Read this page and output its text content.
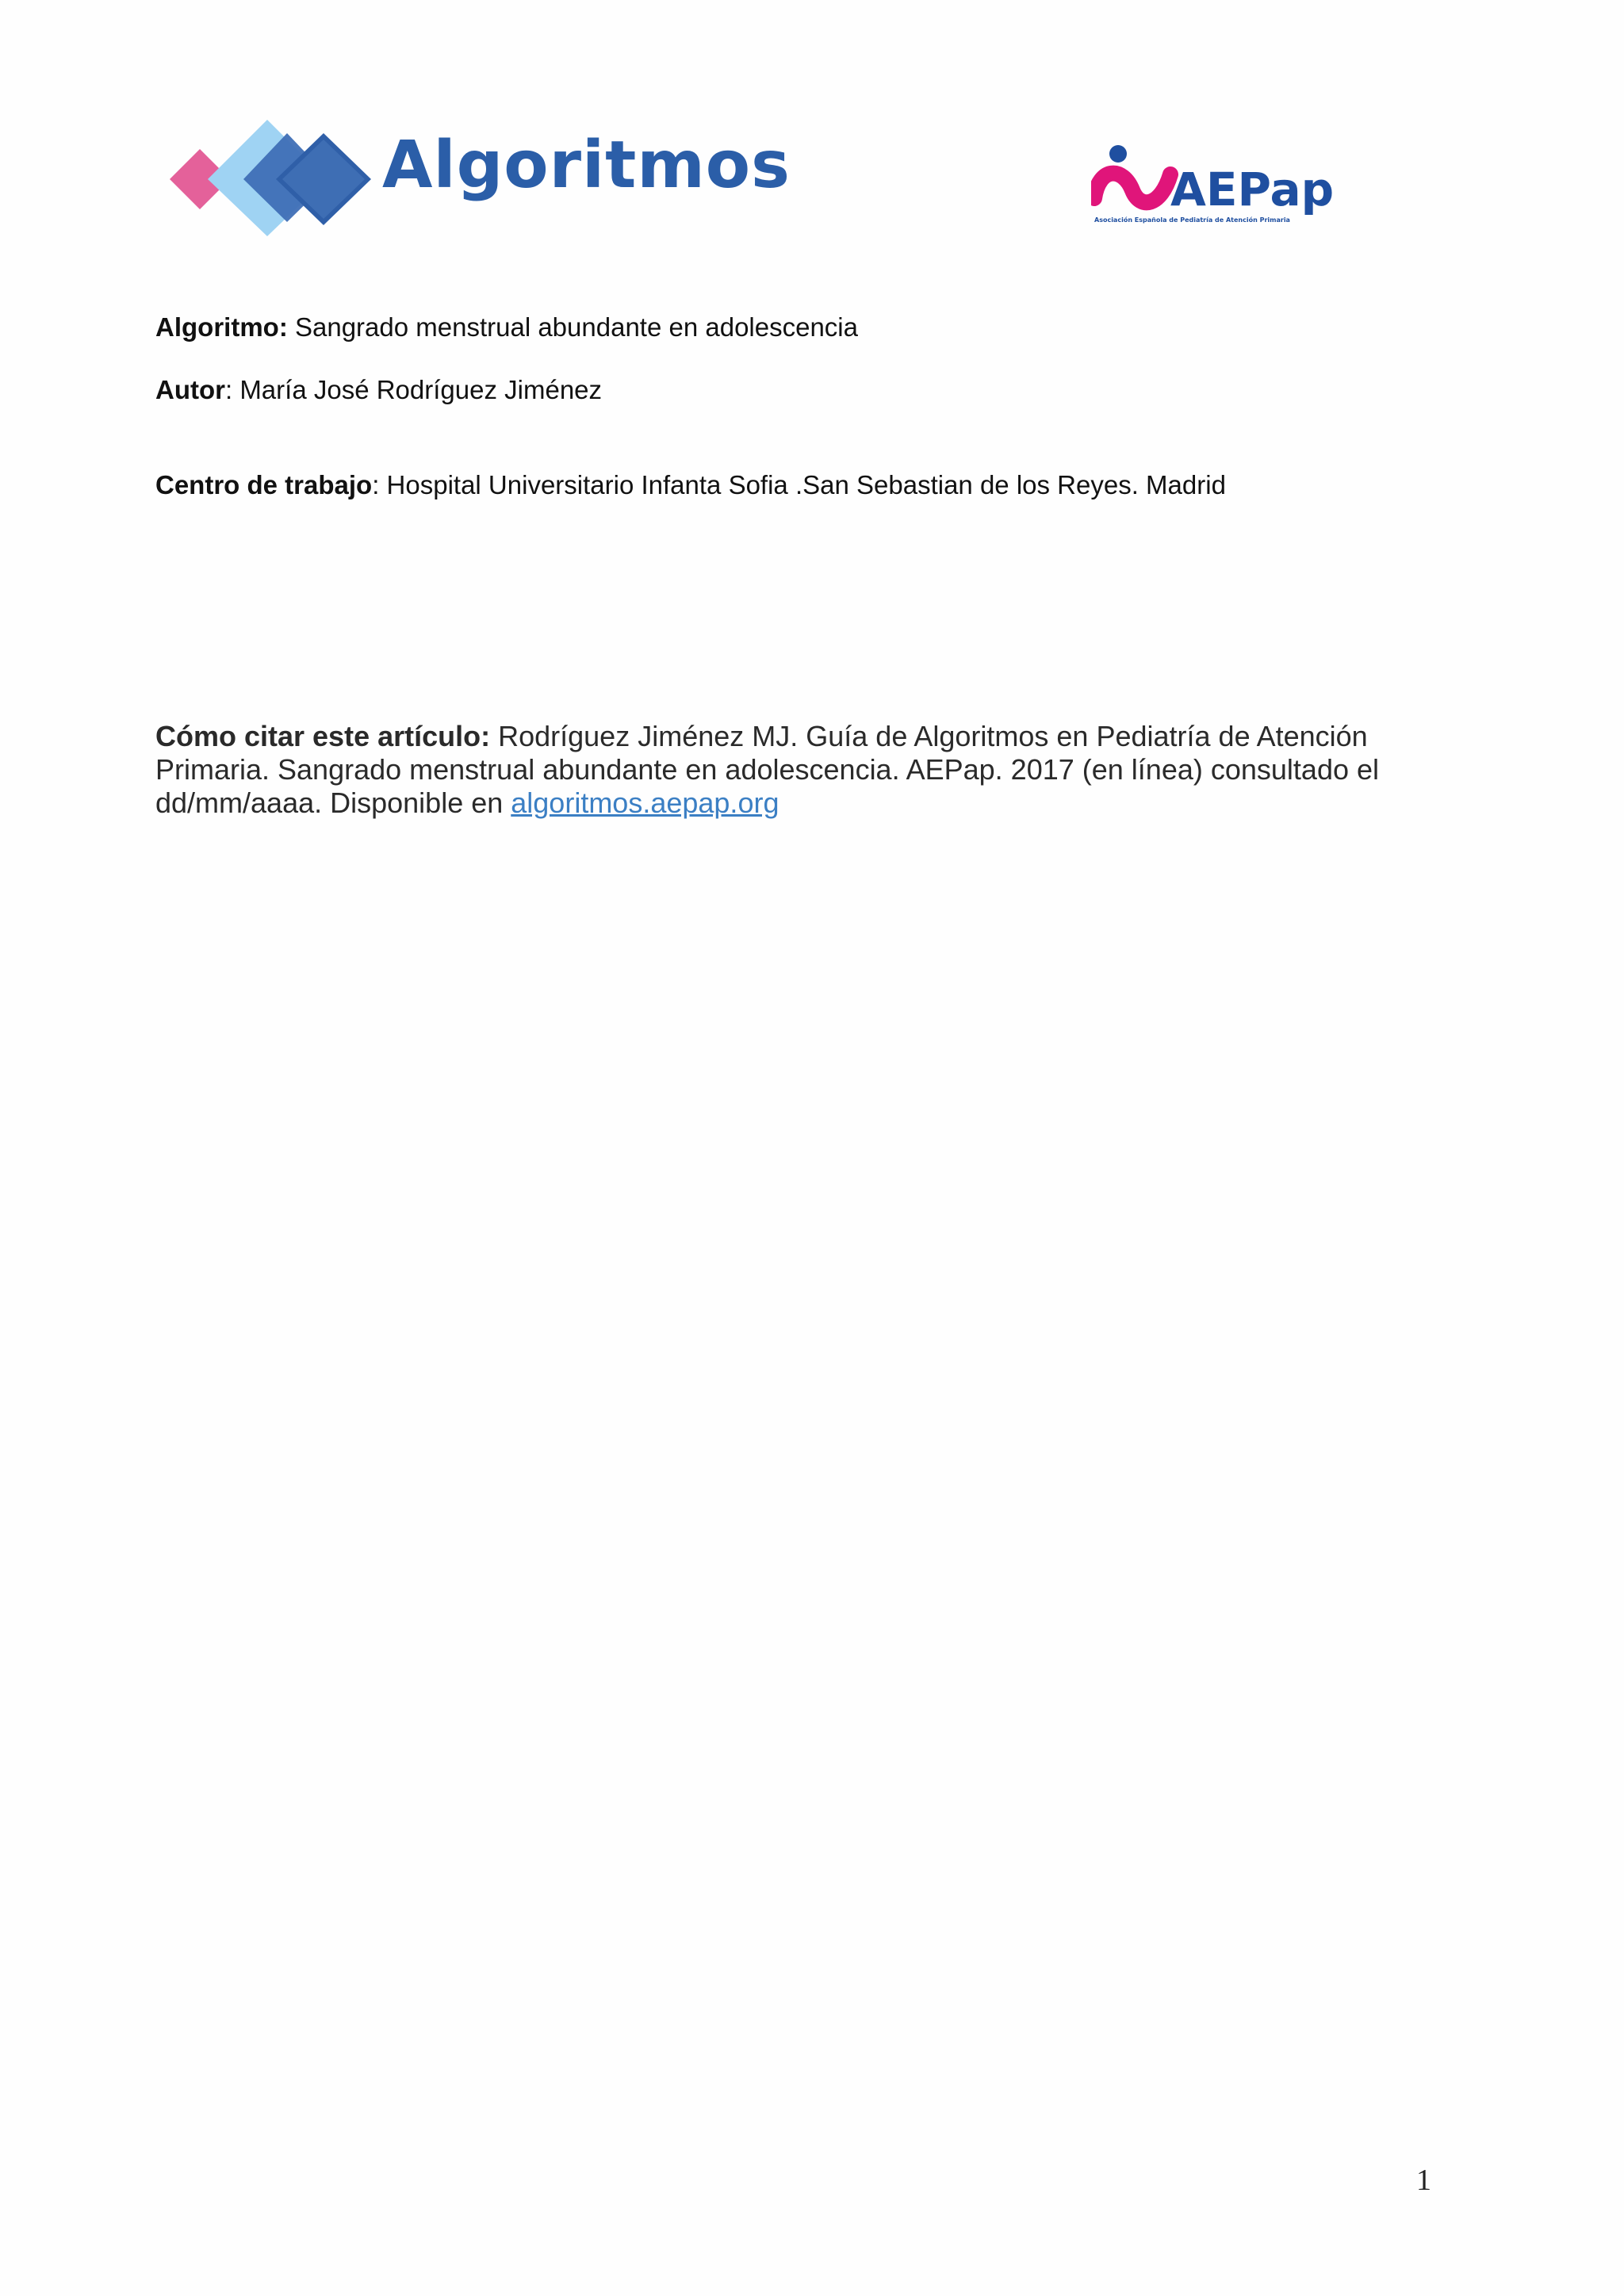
Algoritmos	AEPap
Asociación Española de Pediatría de Atención Primaria
Algoritmo: Sangrado menstrual abundante en adolescencia
Autor: María José Rodríguez Jiménez
Centro de trabajo: Hospital Universitario Infanta Sofia .San Sebastian de los Reyes. Madrid
Cómo citar este artículo: Rodríguez Jiménez MJ. Guía de Algoritmos en Pediatría de Atención Primaria. Sangrado menstrual abundante en adolescencia. AEPap. 2017 (en línea) consultado el dd/mm/aaaa. Disponible en algoritmos.aepap.org
1
